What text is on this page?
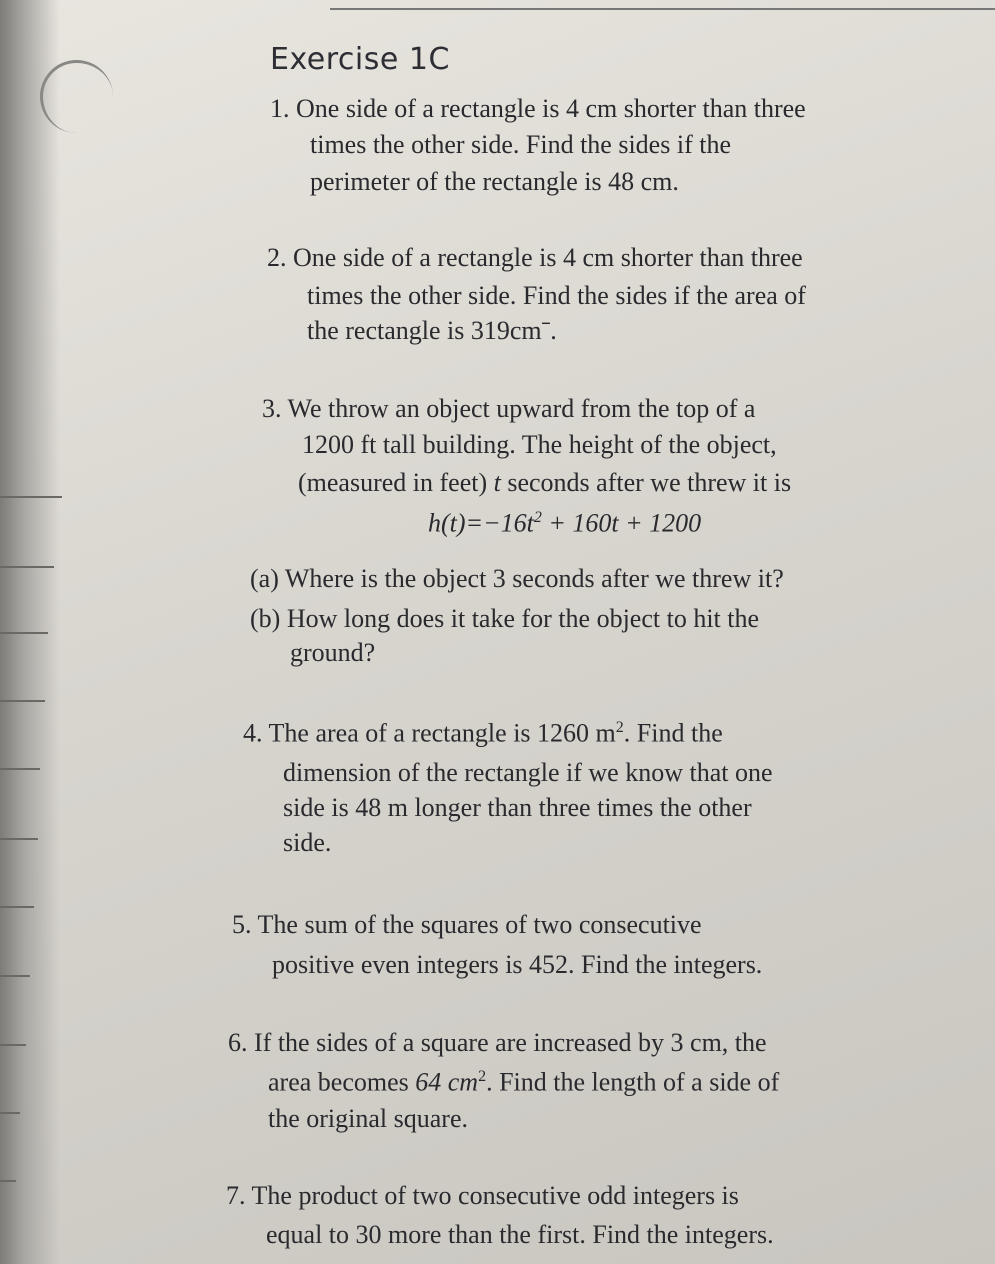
Exercise 1C
1. One side of a rectangle is 4 cm shorter than three
times the other side. Find the sides if the
perimeter of the rectangle is 48 cm.
2. One side of a rectangle is 4 cm shorter than three
times the other side. Find the sides if the area of
the rectangle is 319cmˉ.
3. We throw an object upward from the top of a
1200 ft tall building. The height of the object,
(measured in feet) t seconds after we threw it is
$h(t)=-16t^2 + 160t + 1200$
(a) Where is the object 3 seconds after we threw it?
(b) How long does it take for the object to hit the
ground?
4. The area of a rectangle is 1260 $m^2$. Find the
dimension of the rectangle if we know that one
side is 48 m longer than three times the other
side.
5. The sum of the squares of two consecutive
positive even integers is 452. Find the integers.
6. If the sides of a square are increased by 3 cm, the
area becomes 64 $cm^2$. Find the length of a side of
the original square.
7. The product of two consecutive odd integers is
equal to 30 more than the first. Find the integers.
